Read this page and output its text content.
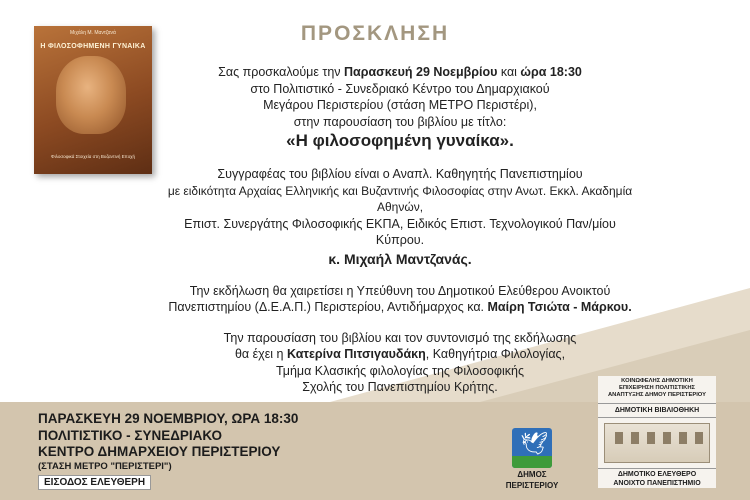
ΠΡΟΣΚΛΗΣΗ
Μιχάλη Μ. Μαντζανά
Η ΦΙΛΟΣΟΦΗΜΕΝΗ ΓΥΝΑΙΚΑ
Φιλοσοφικά Στοιχεία στη Βυζαντινή Εποχή

Σας προσκαλούμε την Παρασκευή 29 Νοεμβρίου και ώρα 18:30

στο Πολιτιστικό - Συνεδριακό Κέντρο του Δημαρχιακού

Μεγάρου Περιστερίου (στάση ΜΕΤΡΟ Περιστέρι),

στην παρουσίαση του βιβλίου με τίτλο:

«Η φιλοσοφημένη γυναίκα».

Συγγραφέας του βιβλίου είναι ο Αναπλ. Καθηγητής Πανεπιστημίου

με ειδικότητα Αρχαίας Ελληνικής και Βυζαντινής Φιλοσοφίας στην Ανωτ. Εκκλ. Ακαδημία Αθηνών,

Επιστ. Συνεργάτης Φιλοσοφικής ΕΚΠΑ, Ειδικός Επιστ. Τεχνολογικού Παν/μίου Κύπρου.

κ. Μιχαήλ Μαντζανάς.

Την εκδήλωση θα χαιρετίσει η Υπεύθυνη του Δημοτικού Ελεύθερου Ανοικτού

Πανεπιστημίου (Δ.Ε.Α.Π.) Περιστερίου, Αντιδήμαρχος κα. Μαίρη Τσιώτα - Μάρκου.

Την παρουσίαση του βιβλίου και τον συντονισμό της εκδήλωσης

θα έχει η Κατερίνα Πιτσιγαυδάκη, Καθηγήτρια Φιλολογίας,

Τμήμα Κλασικής φιλολογίας της Φιλοσοφικής

Σχολής του Πανεπιστημίου Κρήτης.

ΠΑΡΑΣΚΕΥΗ 29 ΝΟΕΜΒΡΙΟΥ, ΩΡΑ 18:30
ΠΟΛΙΤΙΣΤΙΚΟ - ΣΥΝΕΔΡΙΑΚΟ
ΚΕΝΤΡΟ ΔΗΜΑΡΧΕΙΟΥ ΠΕΡΙΣΤΕΡΙΟΥ
(ΣΤΑΣΗ ΜΕΤΡΟ "ΠΕΡΙΣΤΕΡΙ")
ΕΙΣΟΔΟΣ ΕΛΕΥΘΕΡΗ
🕊
ΔΗΜΟΣ
ΠΕΡΙΣΤΕΡΙΟΥ
ΚΟΙΝΩΦΕΛΗΣ ΔΗΜΟΤΙΚΗ
ΕΠΙΧΕΙΡΗΣΗ ΠΟΛΙΤΙΣΤΙΚΗΣ
ΑΝΑΠΤΥΞΗΣ ΔΗΜΟΥ ΠΕΡΙΣΤΕΡΙΟΥ
ΔΗΜΟΤΙΚΗ ΒΙΒΛΙΟΘΗΚΗ
ΔΗΜΟΤΙΚΟ ΕΛΕΥΘΕΡΟ
ΑΝΟΙΧΤΟ ΠΑΝΕΠΙΣΤΗΜΙΟ
